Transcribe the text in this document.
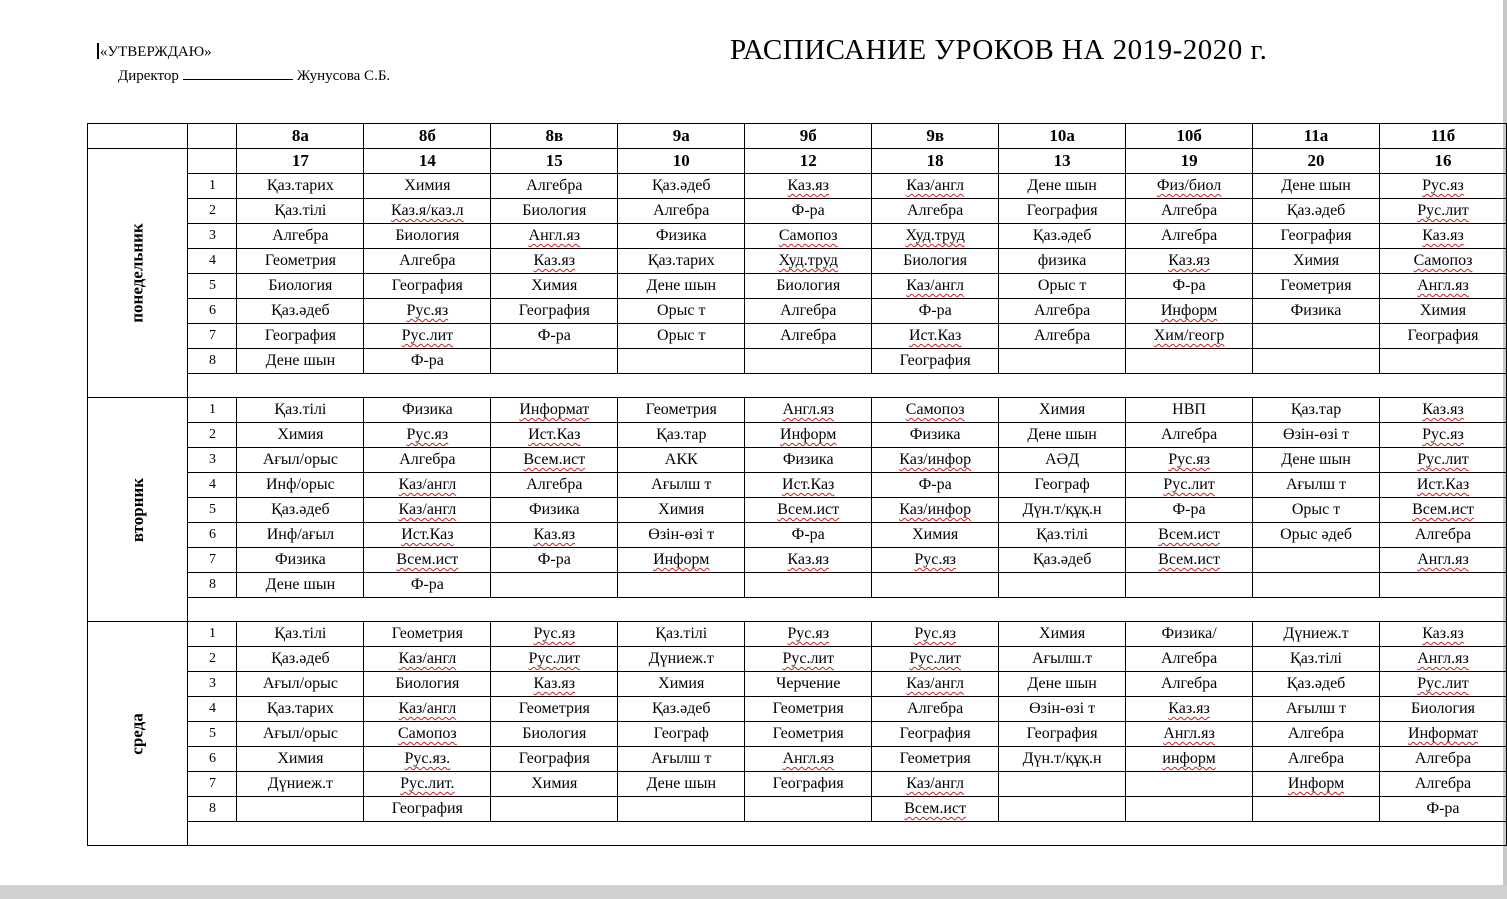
«УТВЕРЖДАЮ»
Директор	Жунусова С.Б.
РАСПИСАНИЕ УРОКОВ НА 2019-2020 г.
		8а	8б	8в	9а	9б	9в	10а	10б	11а	11б
понедельник		17	14	15	10	12	18	13	19	20	16
	1	Қаз.тарих	Химия	Алгебра	Қаз.әдеб	Каз.яз	Каз/англ	Дене шын	Физ/биол	Дене шын	Рус.яз
	2	Қаз.тілі	Каз.я/каз.л	Биология	Алгебра	Ф-ра	Алгебра	География	Алгебра	Қаз.әдеб	Рус.лит
	3	Алгебра	Биология	Англ.яз	Физика	Самопоз	Худ.труд	Қаз.әдеб	Алгебра	География	Каз.яз
	4	Геометрия	Алгебра	Каз.яз	Қаз.тарих	Худ.труд	Биология	физика	Каз.яз	Химия	Самопоз
	5	Биология	География	Химия	Дене шын	Биология	Каз/англ	Орыс т	Ф-ра	Геометрия	Англ.яз
	6	Қаз.әдеб	Рус.яз	География	Орыс т	Алгебра	Ф-ра	Алгебра	Информ	Физика	Химия
	7	География	Рус.лит	Ф-ра	Орыс т	Алгебра	Ист.Каз	Алгебра	Хим/геогр		География
	8	Дене шын	Ф-ра				География				

вторник	1	Қаз.тілі	Физика	Информат	Геометрия	Англ.яз	Самопоз	Химия	НВП	Қаз.тар	Каз.яз
	2	Химия	Рус.яз	Ист.Каз	Қаз.тар	Информ	Физика	Дене шын	Алгебра	Өзін-өзі т	Рус.яз
	3	Ағыл/орыс	Алгебра	Всем.ист	АКК	Физика	Каз/инфор	АӘД	Рус.яз	Дене шын	Рус.лит
	4	Инф/орыс	Каз/англ	Алгебра	Ағылш т	Ист.Каз	Ф-ра	Географ	Рус.лит	Ағылш т	Ист.Каз
	5	Қаз.әдеб	Каз/англ	Физика	Химия	Всем.ист	Каз/инфор	Дүн.т/құқ.н	Ф-ра	Орыс т	Всем.ист
	6	Инф/ағыл	Ист.Каз	Каз.яз	Өзін-өзі т	Ф-ра	Химия	Қаз.тілі	Всем.ист	Орыс әдеб	Алгебра
	7	Физика	Всем.ист	Ф-ра	Информ	Каз.яз	Рус.яз	Қаз.әдеб	Всем.ист		Англ.яз
	8	Дене шын	Ф-ра								

среда	1	Қаз.тілі	Геометрия	Рус.яз	Қаз.тілі	Рус.яз	Рус.яз	Химия	Физика/	Дүниеж.т	Каз.яз
	2	Қаз.әдеб	Каз/англ	Рус.лит	Дүниеж.т	Рус.лит	Рус.лит	Ағылш.т	Алгебра	Қаз.тілі	Англ.яз
	3	Ағыл/орыс	Биология	Каз.яз	Химия	Черчение	Каз/англ	Дене шын	Алгебра	Қаз.әдеб	Рус.лит
	4	Қаз.тарих	Каз/англ	Геометрия	Қаз.әдеб	Геометрия	Алгебра	Өзін-өзі т	Каз.яз	Ағылш т	Биология
	5	Ағыл/орыс	Самопоз	Биология	Географ	Геометрия	География	География	Англ.яз	Алгебра	Информат
	6	Химия	Рус.яз.	География	Ағылш т	Англ.яз	Геометрия	Дүн.т/құқ.н	информ	Алгебра	Алгебра
	7	Дүниеж.т	Рус.лит.	Химия	Дене шын	География	Каз/англ			Информ	Алгебра
	8		География				Всем.ист				Ф-ра
